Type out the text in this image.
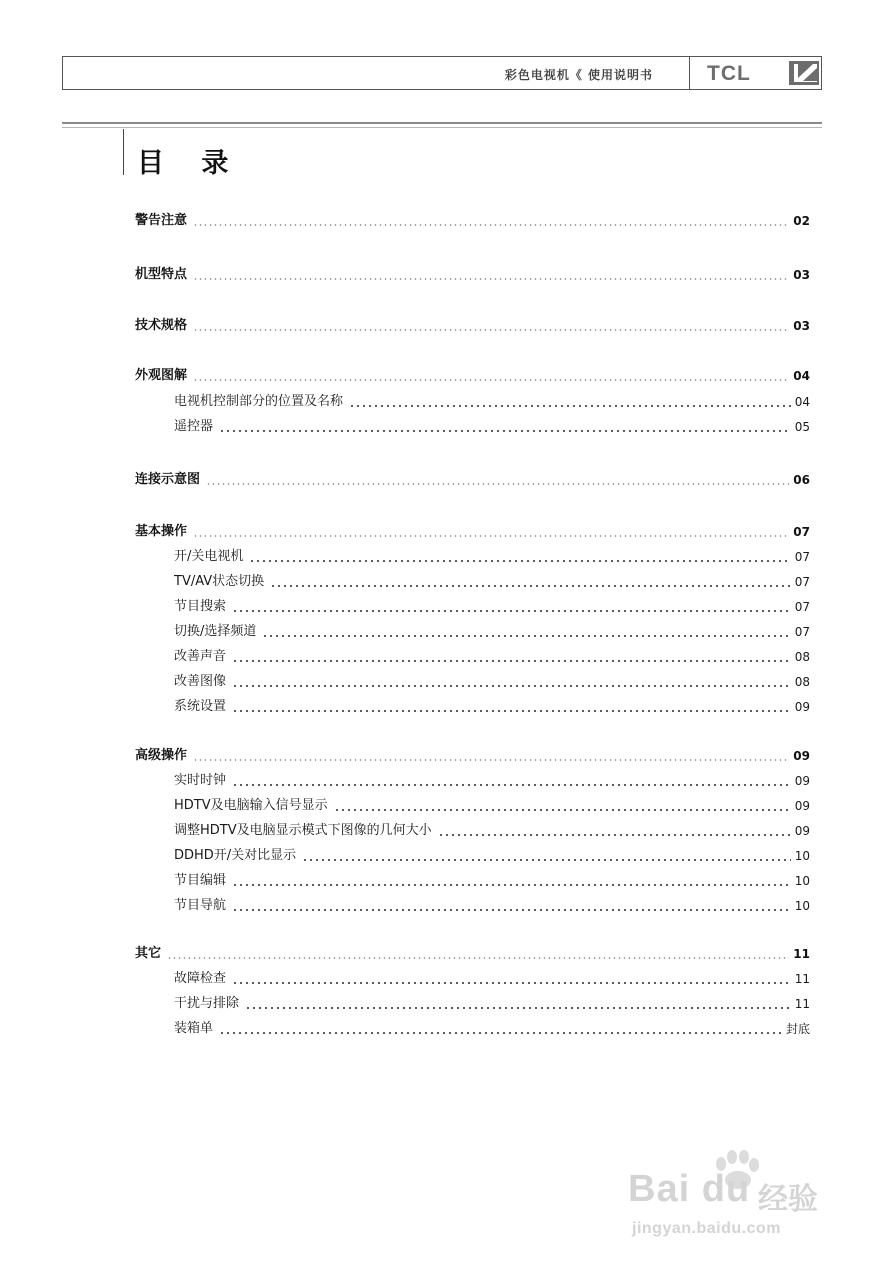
彩色电视机《 使用说明书	TCL
目 录
警告注意	02
机型特点	03
技术规格	03
外观图解	04
电视机控制部分的位置及名称	04
遥控器	05
连接示意图	06
基本操作	07
开/关电视机	07
TV/AV状态切换	07
节目搜索	07
切换/选择频道	07
改善声音	08
改善图像	08
系统设置	09
高级操作	09
实时时钟	09
HDTV及电脑输入信号显示	09
调整HDTV及电脑显示模式下图像的几何大小	09
DDHD开/关对比显示	10
节目编辑	10
节目导航	10
其它	11
故障检查	11
干扰与排除	11
装箱单	封底
Bai du 经验
jingyan.baidu.com
